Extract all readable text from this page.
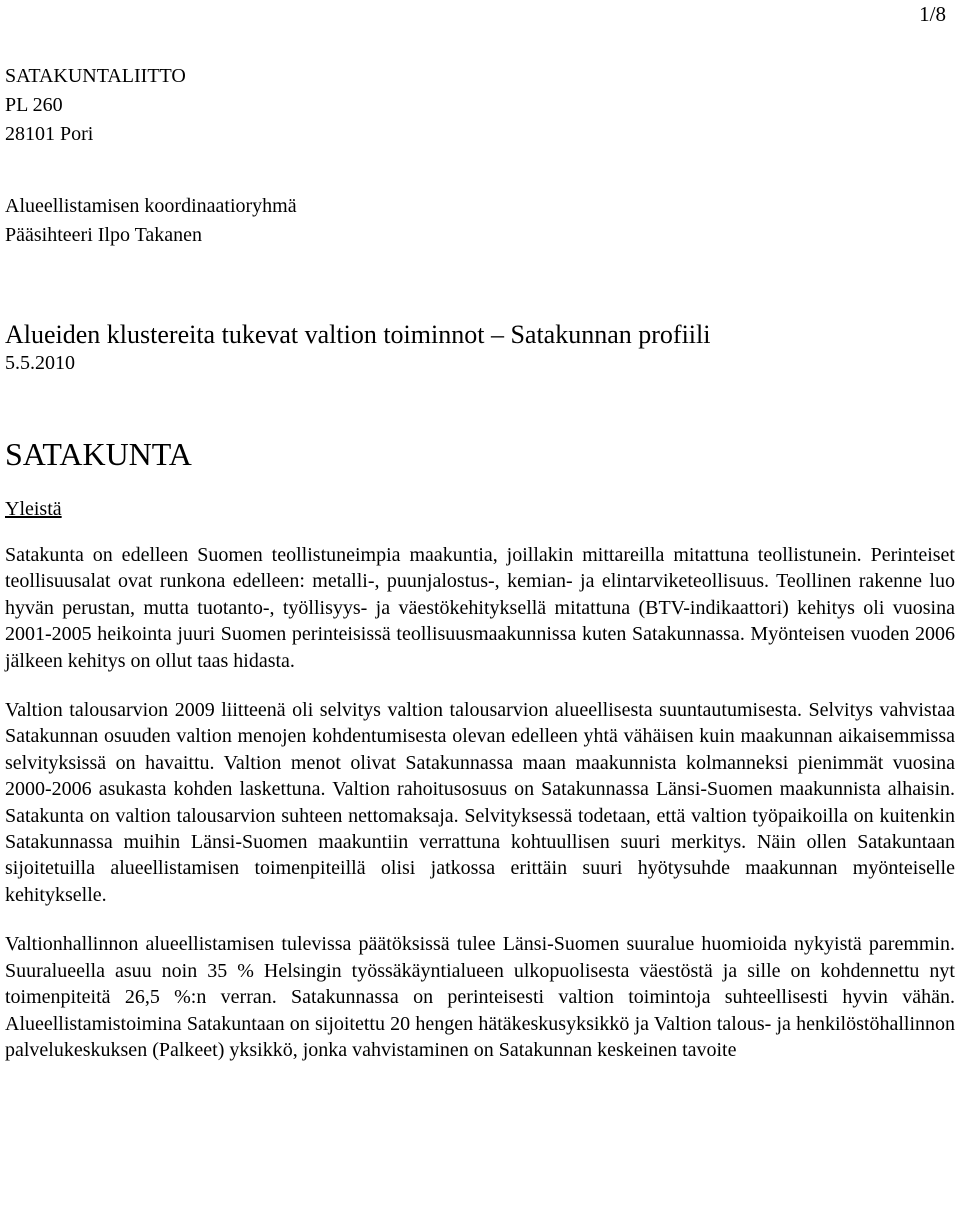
1/8
SATAKUNTALIITTO
PL 260
28101 Pori
Alueellistamisen koordinaatioryhmä
Pääsihteeri Ilpo Takanen
Alueiden klustereita tukevat valtion toiminnot – Satakunnan profiili
5.5.2010
SATAKUNTA
Yleistä

Satakunta on edelleen Suomen teollistuneimpia maakuntia, joillakin mittareilla mitattuna teollistunein. Perinteiset teollisuusalat ovat runkona edelleen: metalli-, puunjalostus-, kemian- ja elintarviketeollisuus. Teollinen rakenne luo hyvän perustan, mutta tuotanto-, työllisyys- ja väestökehityksellä mitattuna (BTV-indikaattori) kehitys oli vuosina 2001-2005 heikointa juuri Suomen perinteisissä teollisuusmaakunnissa kuten Satakunnassa. Myönteisen vuoden 2006 jälkeen kehitys on ollut taas hidasta.

Valtion talousarvion 2009 liitteenä oli selvitys valtion talousarvion alueellisesta suuntautumisesta. Selvitys vahvistaa Satakunnan osuuden valtion menojen kohdentumisesta olevan edelleen yhtä vähäisen kuin maakunnan aikaisemmissa selvityksissä on havaittu. Valtion menot olivat Satakunnassa maan maakunnista kolmanneksi pienimmät vuosina 2000-2006 asukasta kohden laskettuna. Valtion rahoitusosuus on Satakunnassa Länsi-Suomen maakunnista alhaisin. Satakunta on valtion talousarvion suhteen nettomaksaja. Selvityksessä todetaan, että valtion työpaikoilla on kuitenkin Satakunnassa muihin Länsi-Suomen maakuntiin verrattuna kohtuullisen suuri merkitys. Näin ollen Satakuntaan sijoitetuilla alueellistamisen toimenpiteillä olisi jatkossa erittäin suuri hyötysuhde maakunnan myönteiselle kehitykselle.

Valtionhallinnon alueellistamisen tulevissa päätöksissä tulee Länsi-Suomen suuralue huomioida nykyistä paremmin. Suuralueella asuu noin 35 % Helsingin työssäkäyntialueen ulkopuolisesta väestöstä ja sille on kohdennettu nyt toimenpiteitä 26,5 %:n verran. Satakunnassa on perinteisesti valtion toimintoja suhteellisesti hyvin vähän. Alueellistamistoimina Satakuntaan on sijoitettu 20 hengen hätäkeskusyksikkö ja Valtion talous- ja henkilöstöhallinnon palvelukeskuksen (Palkeet) yksikkö, jonka vahvistaminen on Satakunnan keskeinen tavoite
